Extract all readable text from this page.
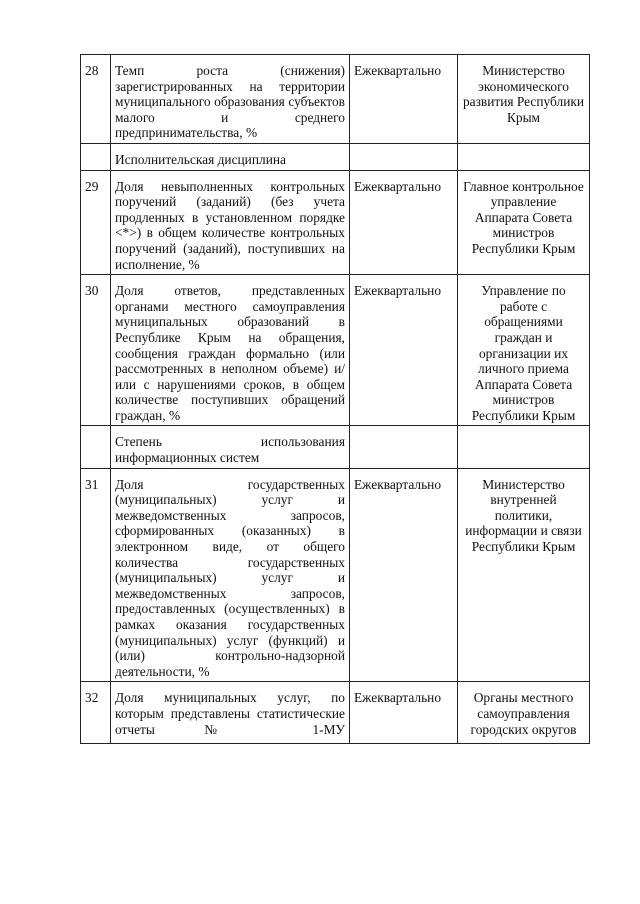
28	Темп роста (снижения) зарегистрированных на территории муниципального образования субъектов малого и среднего предпринимательства, %	Ежеквартально	Министерство экономического развития Республики Крым
	Исполнительская дисциплина		
29	Доля невыполненных контрольных поручений (заданий) (без учета продленных в установленном порядке <*>) в общем количестве контрольных поручений (заданий), поступивших на исполнение, %	Ежеквартально	Главное контрольное управление Аппарата Совета министров Республики Крым
30	Доля ответов, представленных органами местного самоуправления муниципальных образований в Республике Крым на обращения, сообщения граждан формально (или рассмотренных в неполном объеме) и/или с нарушениями сроков, в общем количестве поступивших обращений граждан, %	Ежеквартально	Управление по работе с обращениями граждан и организации их личного приема Аппарата Совета министров Республики Крым
	Степень использования информационных систем		
31	Доля государственных (муниципальных) услуг и межведомственных запросов, сформированных (оказанных) в электронном виде, от общего количества государственных (муниципальных) услуг и межведомственных запросов, предоставленных (осуществленных) в рамках оказания государственных (муниципальных) услуг (функций) и (или) контрольно-надзорной деятельности, %	Ежеквартально	Министерство внутренней политики, информации и связи Республики Крым
32	Доля муниципальных услуг, по которым представлены статистические отчеты № 1-МУ	Ежеквартально	Органы местного самоуправления городских округов
